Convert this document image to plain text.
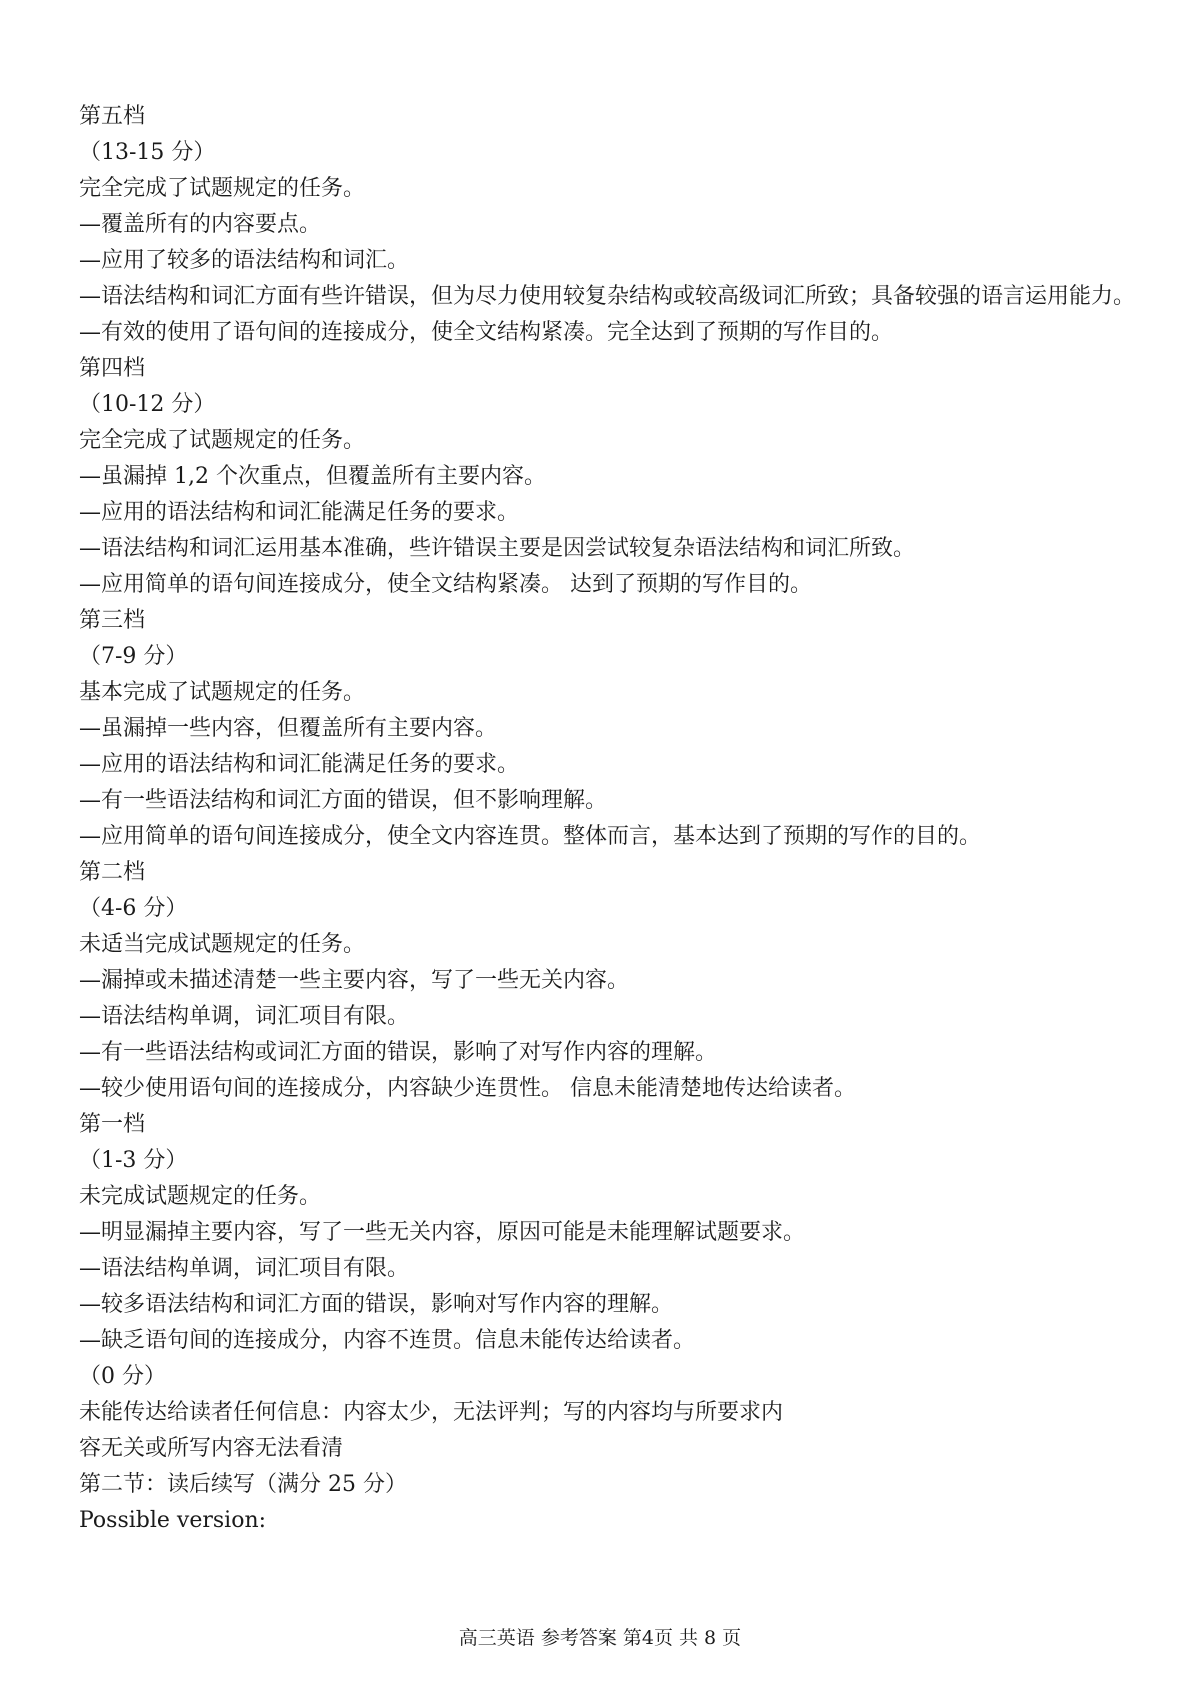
第五档
（13-15 分）
完全完成了试题规定的任务。
—覆盖所有的内容要点。
—应用了较多的语法结构和词汇。
—语法结构和词汇方面有些许错误，但为尽力使用较复杂结构或较高级词汇所致；具备较强的语言运用能力。
—有效的使用了语句间的连接成分，使全文结构紧凑。完全达到了预期的写作目的。
第四档
（10-12 分）
完全完成了试题规定的任务。
—虽漏掉 1,2 个次重点，但覆盖所有主要内容。
—应用的语法结构和词汇能满足任务的要求。
—语法结构和词汇运用基本准确，些许错误主要是因尝试较复杂语法结构和词汇所致。
—应用简单的语句间连接成分，使全文结构紧凑。 达到了预期的写作目的。
第三档
（7-9 分）
基本完成了试题规定的任务。
—虽漏掉一些内容，但覆盖所有主要内容。
—应用的语法结构和词汇能满足任务的要求。
—有一些语法结构和词汇方面的错误，但不影响理解。
—应用简单的语句间连接成分，使全文内容连贯。整体而言，基本达到了预期的写作的目的。
第二档
（4-6 分）
未适当完成试题规定的任务。
—漏掉或未描述清楚一些主要内容，写了一些无关内容。
—语法结构单调，词汇项目有限。
—有一些语法结构或词汇方面的错误，影响了对写作内容的理解。
—较少使用语句间的连接成分，内容缺少连贯性。 信息未能清楚地传达给读者。
第一档
（1-3 分）
未完成试题规定的任务。
—明显漏掉主要内容，写了一些无关内容，原因可能是未能理解试题要求。
—语法结构单调，词汇项目有限。
—较多语法结构和词汇方面的错误，影响对写作内容的理解。
—缺乏语句间的连接成分，内容不连贯。信息未能传达给读者。
（0 分）
未能传达给读者任何信息：内容太少，无法评判；写的内容均与所要求内
容无关或所写内容无法看清
第二节：读后续写（满分 25 分）
Possible version:
高三英语 参考答案 第4页 共 8 页
